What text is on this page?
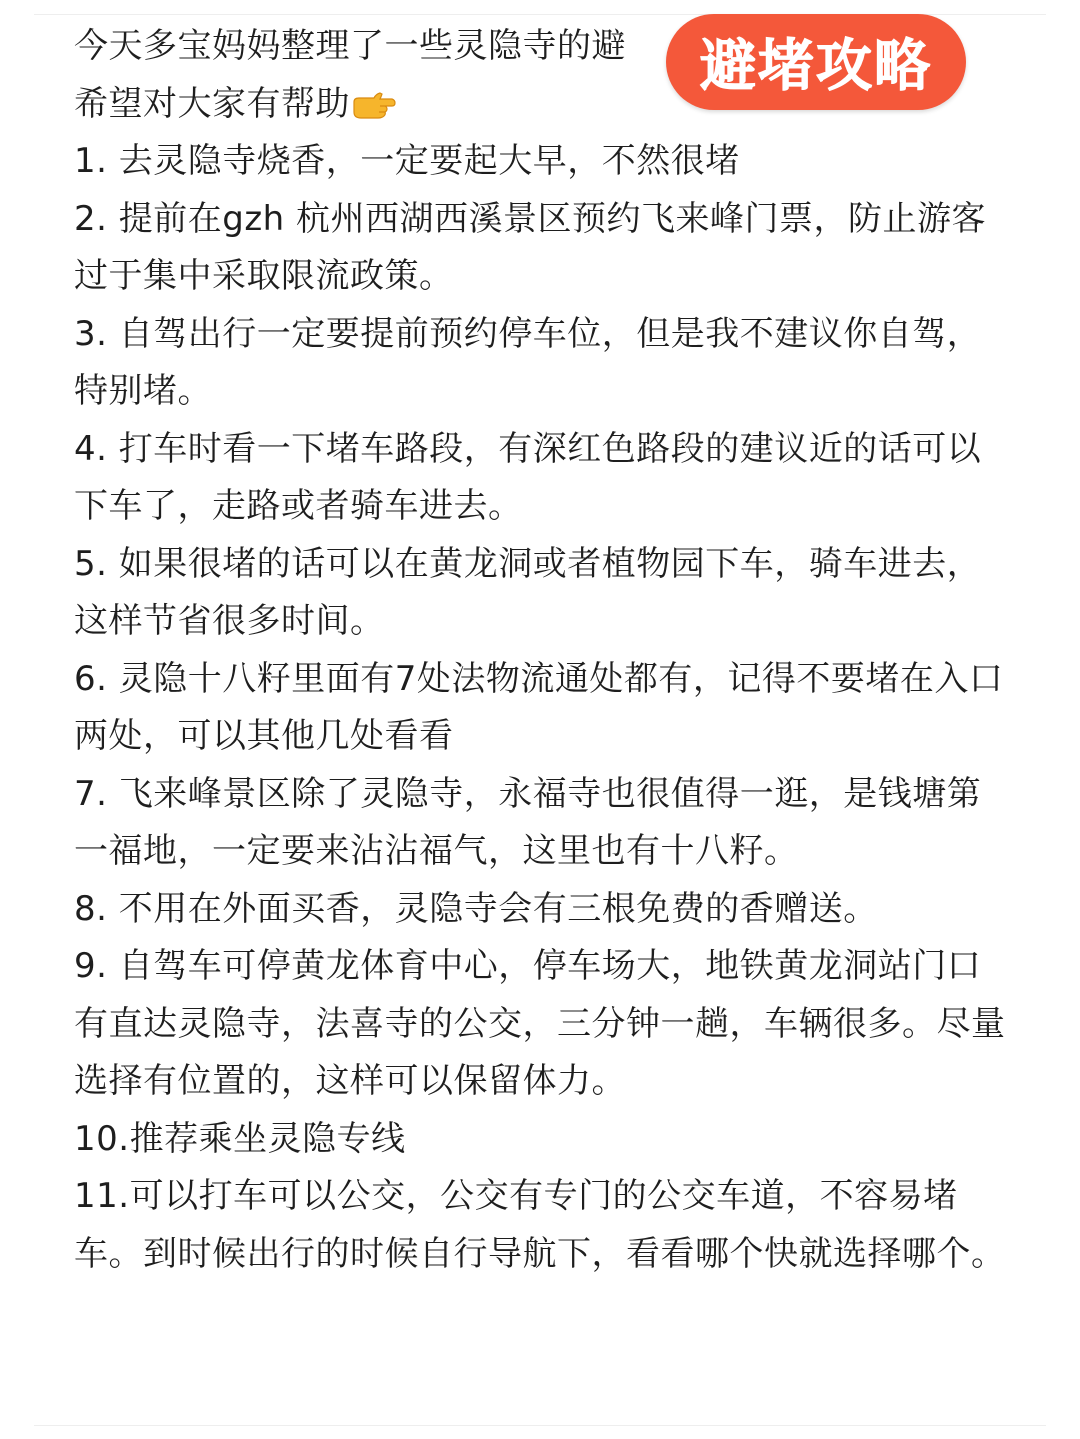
今天多宝妈妈整理了一些灵隐寺的避

希望对大家有帮助

1. 去灵隐寺烧香，一定要起大早，不然很堵

2. 提前在gzh 杭州西湖西溪景区预约飞来峰门票，防止游客过于集中采取限流政策。

3. 自驾出行一定要提前预约停车位，但是我不建议你自驾，特别堵。

4. 打车时看一下堵车路段，有深红色路段的建议近的话可以下车了，走路或者骑车进去。

5. 如果很堵的话可以在黄龙洞或者植物园下车，骑车进去，这样节省很多时间。

6. 灵隐十八籽里面有7处法物流通处都有，记得不要堵在入口两处，可以其他几处看看

7. 飞来峰景区除了灵隐寺，永福寺也很值得一逛，是钱塘第一福地，一定要来沾沾福气，这里也有十八籽。

8. 不用在外面买香，灵隐寺会有三根免费的香赠送。

9. 自驾车可停黄龙体育中心，停车场大，地铁黄龙洞站门口有直达灵隐寺，法喜寺的公交，三分钟一趟，车辆很多。尽量选择有位置的，这样可以保留体力。

10.推荐乘坐灵隐专线

11.可以打车可以公交，公交有专门的公交车道，不容易堵车。到时候出行的时候自行导航下，看看哪个快就选择哪个。

避堵攻略
